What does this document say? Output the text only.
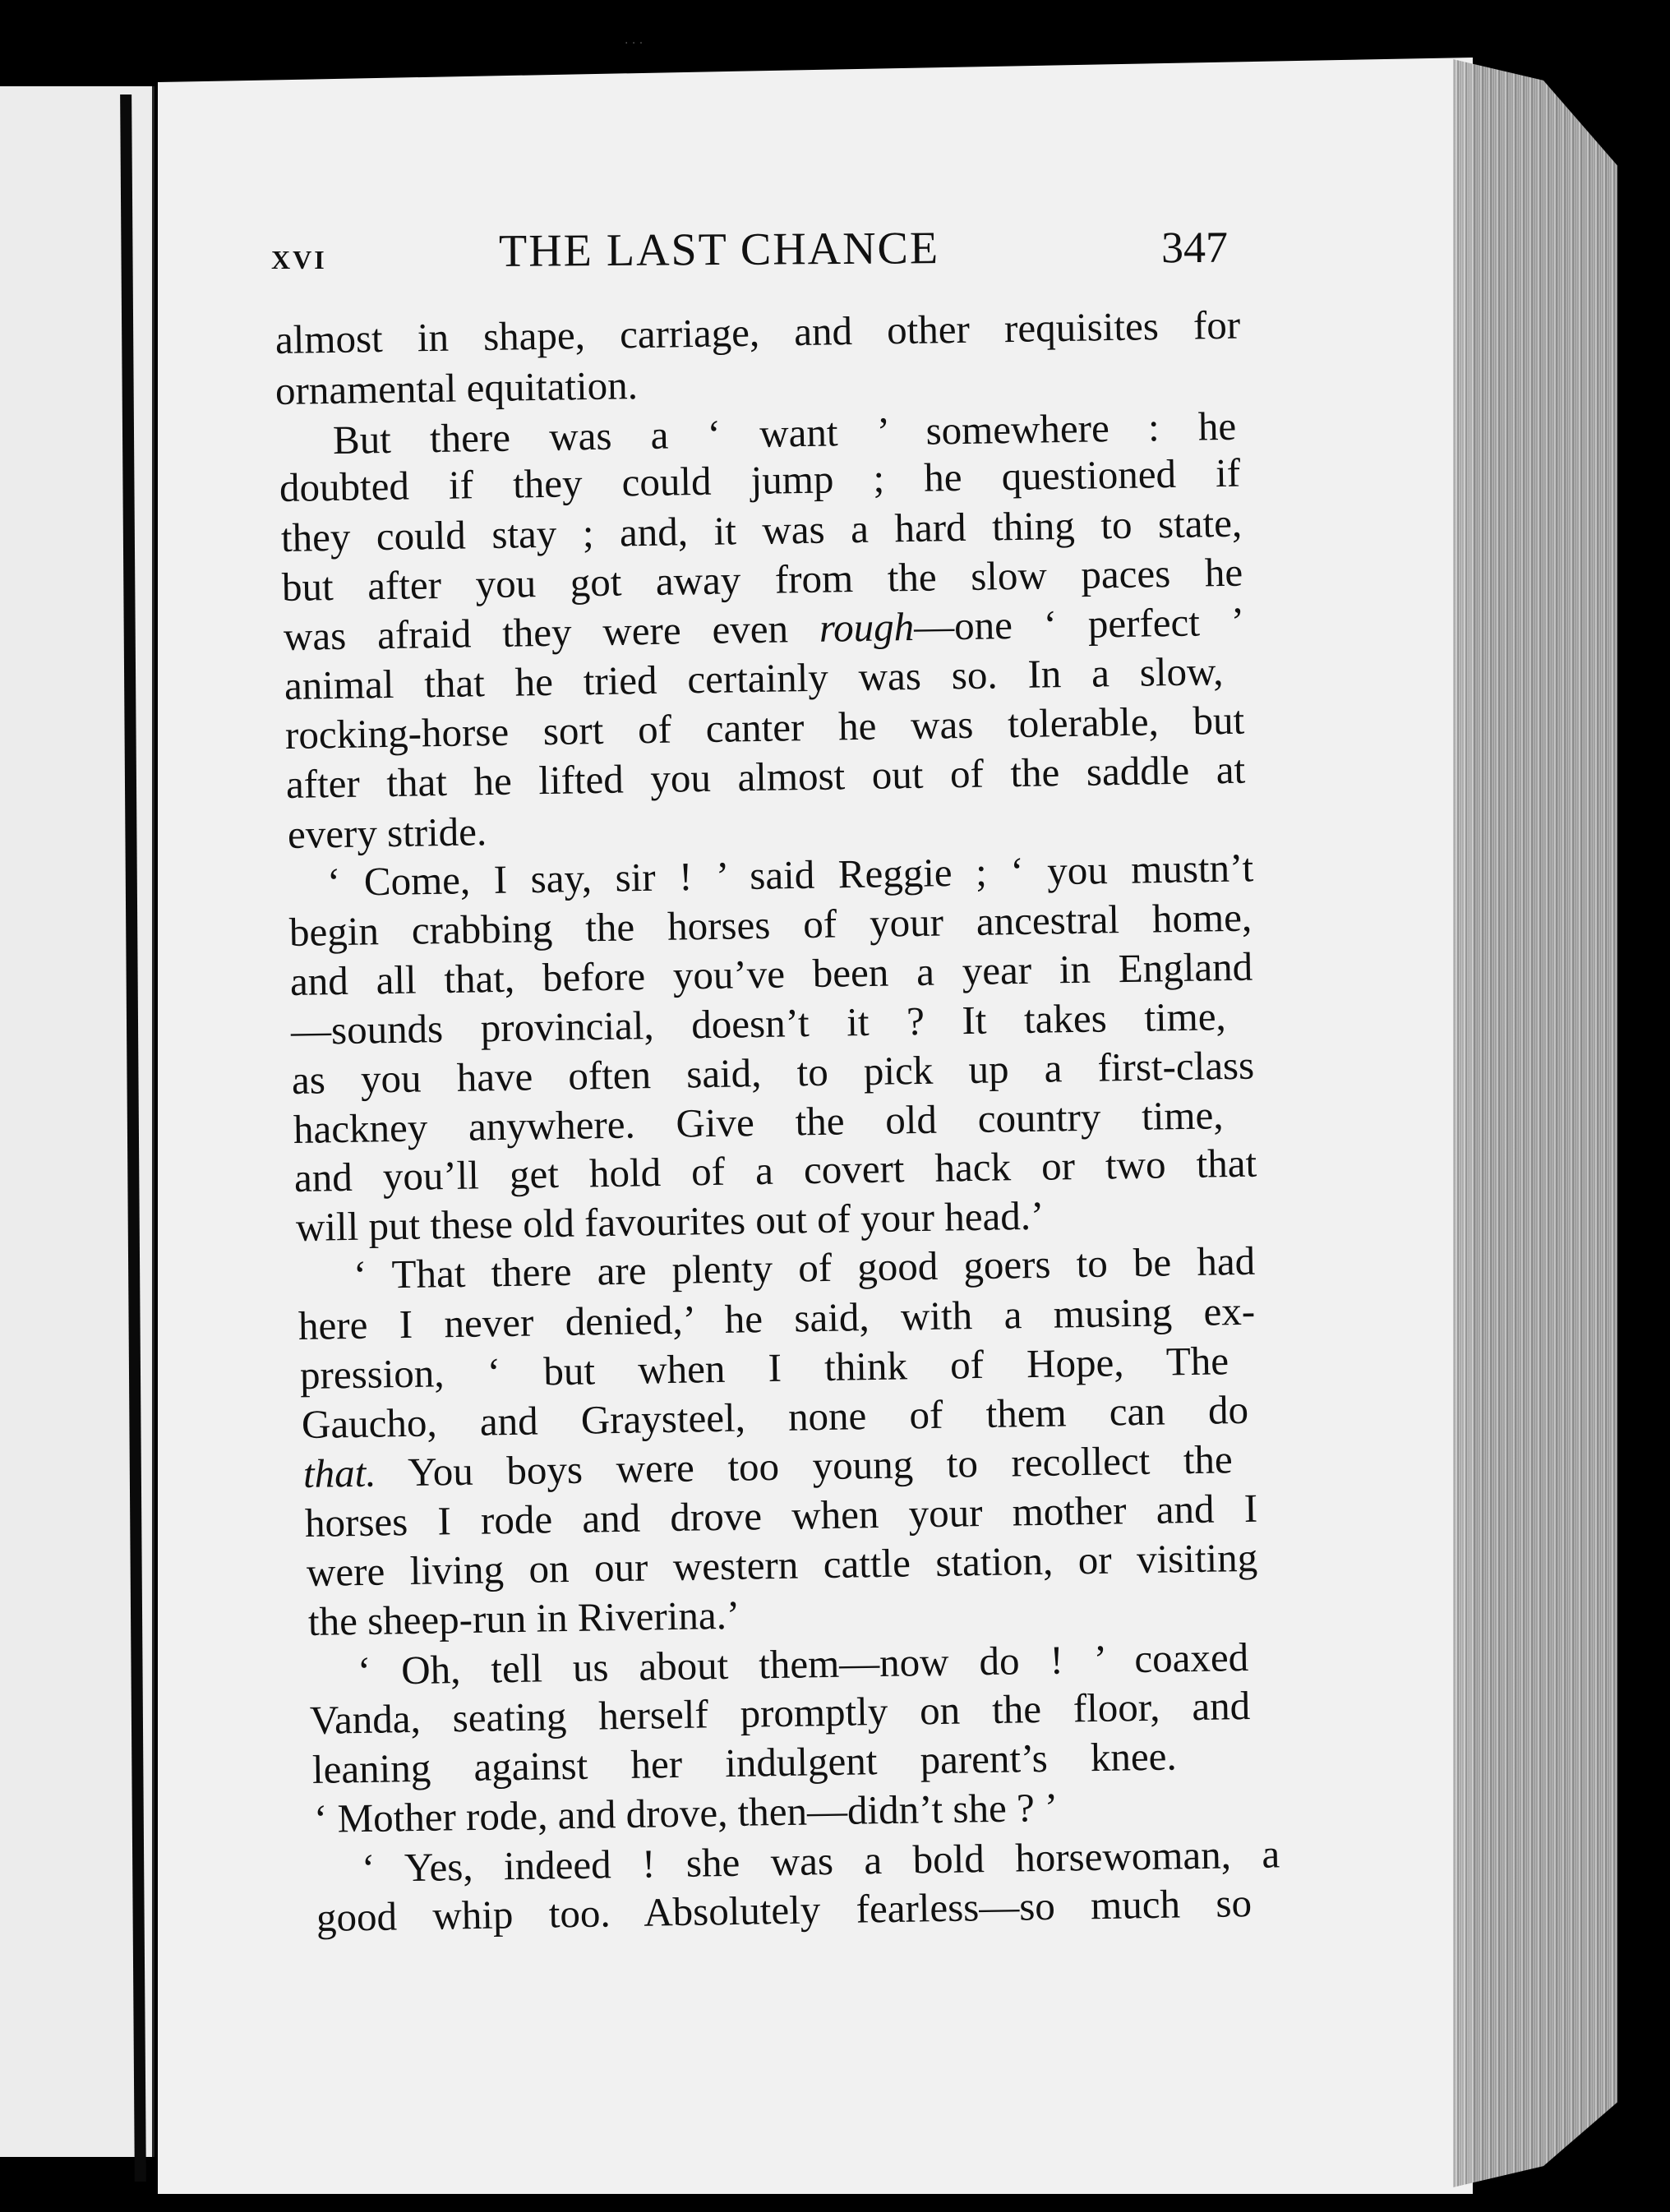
· · ·
xvi	THE LAST CHANCE	347
almost in shape, carriage, and other requisites for
ornamental equitation.
But there was a ‘ want ’ somewhere : he
doubted if they could jump ; he questioned if
they could stay ; and, it was a hard thing to state,
but after you got away from the slow paces he
was afraid they were even rough—one ‘ perfect ’
animal that he tried certainly was so. In a slow,
rocking-horse sort of canter he was tolerable, but
after that he lifted you almost out of the saddle at
every stride.
‘ Come, I say, sir ! ’ said Reggie ; ‘ you mustn’t
begin crabbing the horses of your ancestral home,
and all that, before you’ve been a year in England
—sounds provincial, doesn’t it ? It takes time,
as you have often said, to pick up a first-class
hackney anywhere. Give the old country time,
and you’ll get hold of a covert hack or two that
will put these old favourites out of your head.’
‘ That there are plenty of good goers to be had
here I never denied,’ he said, with a musing ex-
pression, ‘ but when I think of Hope, The
Gaucho, and Graysteel, none of them can do
that. You boys were too young to recollect the
horses I rode and drove when your mother and I
were living on our western cattle station, or visiting
the sheep-run in Riverina.’
‘ Oh, tell us about them—now do ! ’ coaxed
Vanda, seating herself promptly on the floor, and
leaning against her indulgent parent’s knee.
‘ Mother rode, and drove, then—didn’t she ? ’
‘ Yes, indeed ! she was a bold horsewoman, a
good whip too. Absolutely fearless—so much so
